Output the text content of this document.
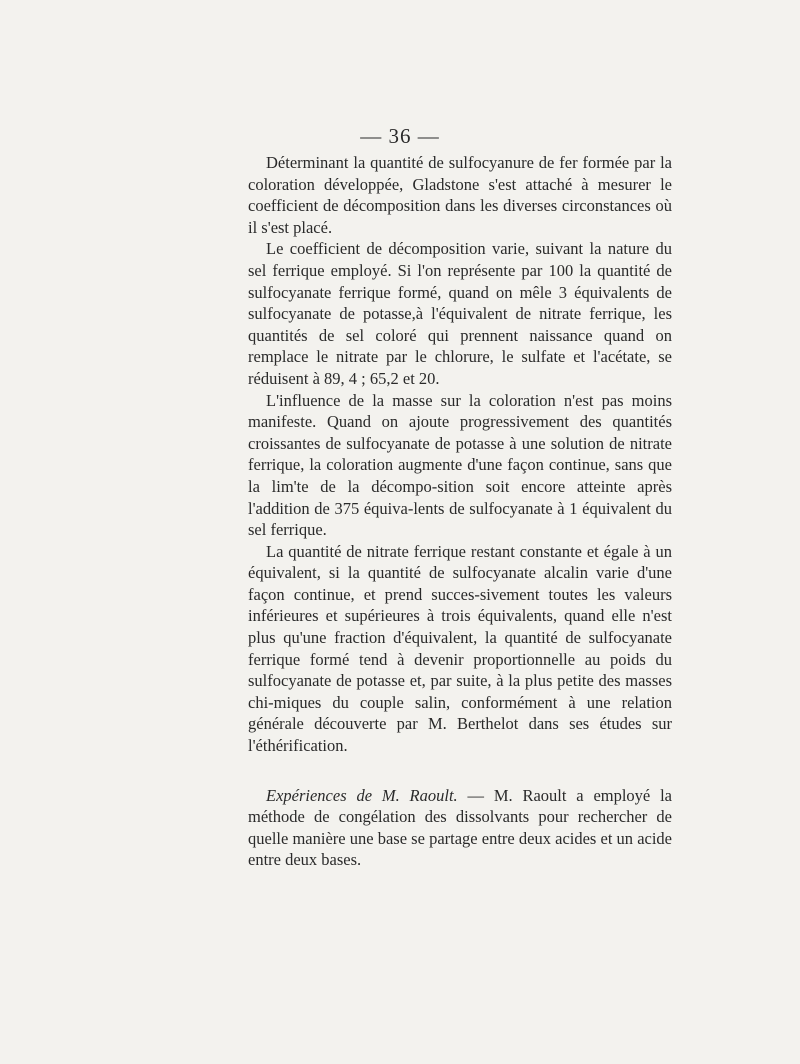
— 36 —

Déterminant la quantité de sulfocyanure de fer formée par la coloration développée, Gladstone s'est attaché à mesurer le coefficient de décomposition dans les diverses circonstances où il s'est placé.

Le coefficient de décomposition varie, suivant la nature du sel ferrique employé. Si l'on représente par 100 la quantité de sulfocyanate ferrique formé, quand on mêle 3 équivalents de sulfocyanate de potasse,à l'équivalent de nitrate ferrique, les quantités de sel coloré qui prennent naissance quand on remplace le nitrate par le chlorure, le sulfate et l'acétate, se réduisent à 89, 4 ; 65,2 et 20.

L'influence de la masse sur la coloration n'est pas moins manifeste. Quand on ajoute progressivement des quantités croissantes de sulfocyanate de potasse à une solution de nitrate ferrique, la coloration augmente d'une façon continue, sans que la lim'te de la décompo-sition soit encore atteinte après l'addition de 375 équiva-lents de sulfocyanate à 1 équivalent du sel ferrique.

La quantité de nitrate ferrique restant constante et égale à un équivalent, si la quantité de sulfocyanate alcalin varie d'une façon continue, et prend succes-sivement toutes les valeurs inférieures et supérieures à trois équivalents, quand elle n'est plus qu'une fraction d'équivalent, la quantité de sulfocyanate ferrique formé tend à devenir proportionnelle au poids du sulfocyanate de potasse et, par suite, à la plus petite des masses chi-miques du couple salin, conformément à une relation générale découverte par M. Berthelot dans ses études sur l'éthérification.

Expériences de M. Raoult. — M. Raoult a employé la méthode de congélation des dissolvants pour rechercher de quelle manière une base se partage entre deux acides et un acide entre deux bases.
